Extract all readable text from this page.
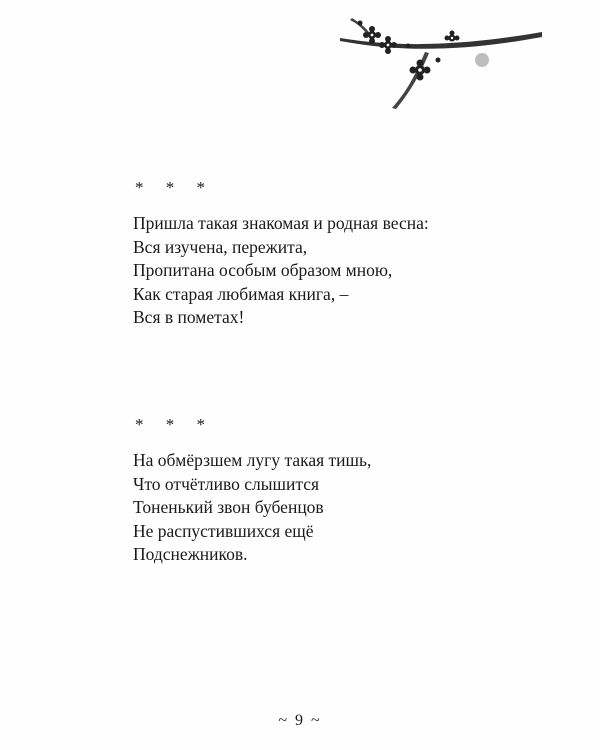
* * *
Пришла такая знакомая и родная весна:
Вся изучена, пережита,
Пропитана особым образом мною,
Как старая любимая книга, –
Вся в пометах!
* * *
На обмёрзшем лугу такая тишь,
Что отчётливо слышится
Тоненький звон бубенцов
Не распустившихся ещё
Подснежников.
~ 9 ~
